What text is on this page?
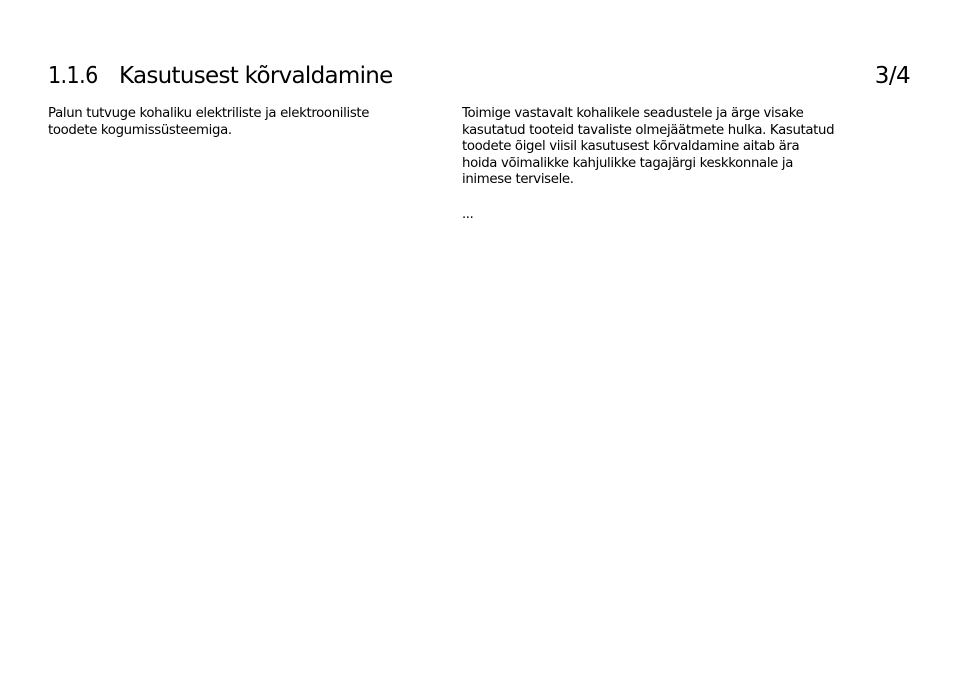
1.1.6 Kasutusest kõrvaldamine	3/4

Palun tutvuge kohaliku elektriliste ja elektrooniliste
toodete kogumissüsteemiga.

Toimige vastavalt kohalikele seadustele ja ärge visake
kasutatud tooteid tavaliste olmejäätmete hulka. Kasutatud
toodete õigel viisil kasutusest kõrvaldamine aitab ära
hoida võimalikke kahjulikke tagajärgi keskkonnale ja
inimese tervisele.

...
